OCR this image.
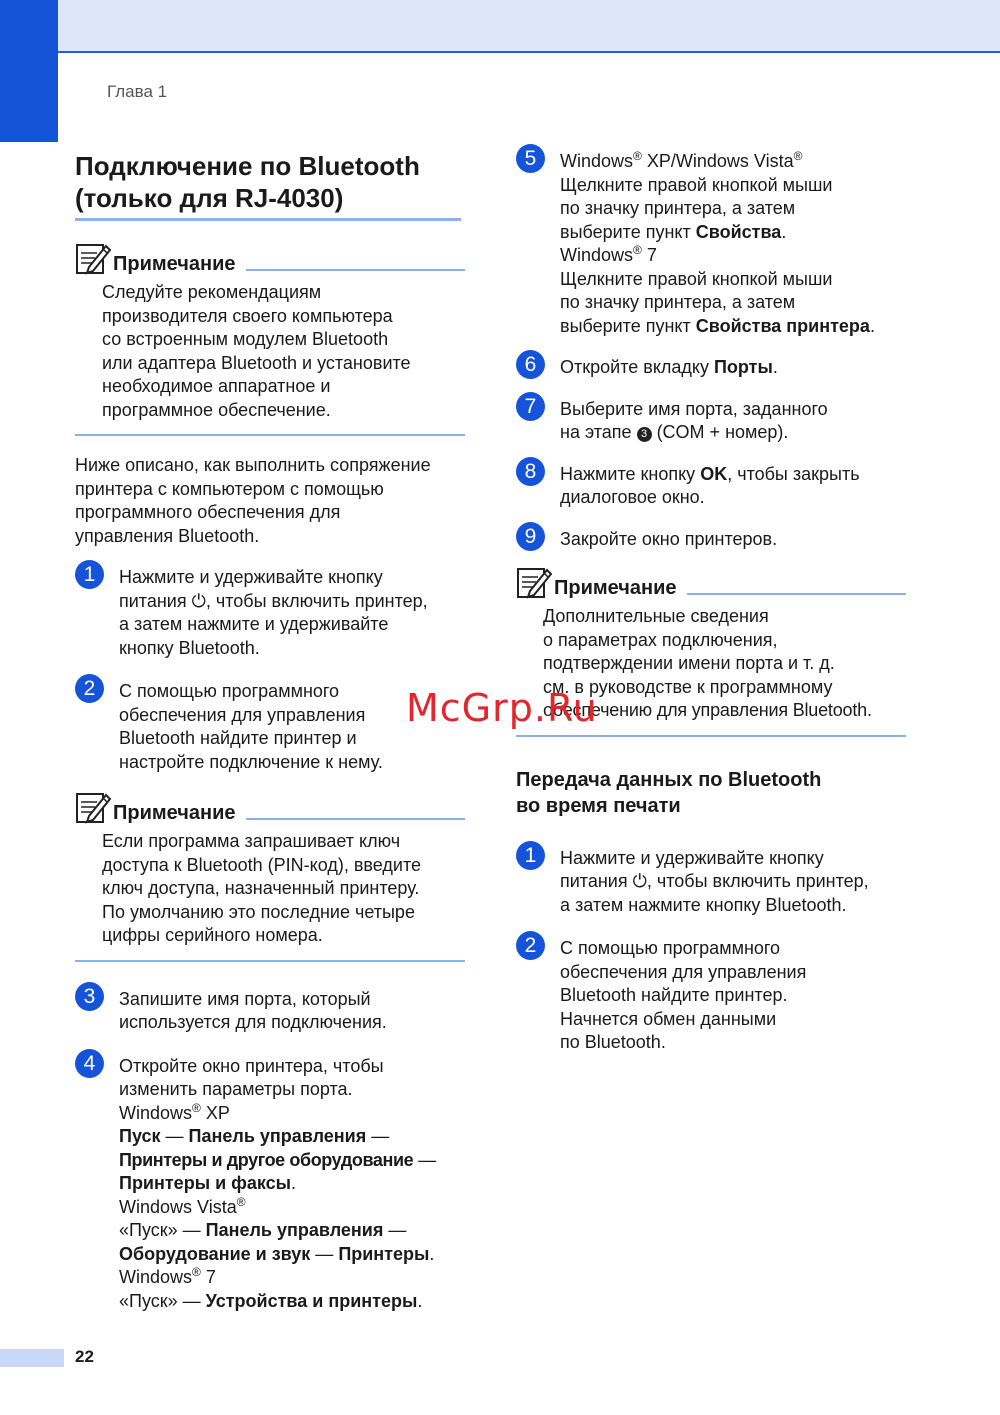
Глава 1
Подключение по Bluetooth
(только для RJ-4030)
Примечание
Следуйте рекомендациям
производителя своего компьютера
со встроенным модулем Bluetooth
или адаптера Bluetooth и установите
необходимое аппаратное и
программное обеспечение.
Ниже описано, как выполнить сопряжение
принтера с компьютером с помощью
программного обеспечения для
управления Bluetooth.
1	Нажмите и удерживайте кнопку
питания ⏻, чтобы включить принтер,
а затем нажмите и удерживайте
кнопку Bluetooth.
2	С помощью программного
обеспечения для управления
Bluetooth найдите принтер и
настройте подключение к нему.
Примечание
Если программа запрашивает ключ
доступа к Bluetooth (PIN-код), введите
ключ доступа, назначенный принтеру.
По умолчанию это последние четыре
цифры серийного номера.
3	Запишите имя порта, который
используется для подключения.
4	Откройте окно принтера, чтобы
изменить параметры порта.
Windows® XP
Пуск — Панель управления —
Принтеры и другое оборудование —
Принтеры и факсы.
Windows Vista®
«Пуск» — Панель управления —
Оборудование и звук — Принтеры.
Windows® 7
«Пуск» — Устройства и принтеры.
5	Windows® XP/Windows Vista®
Щелкните правой кнопкой мыши
по значку принтера, а затем
выберите пункт Свойства.
Windows® 7
Щелкните правой кнопкой мыши
по значку принтера, а затем
выберите пункт Свойства принтера.
6	Откройте вкладку Порты.
7	Выберите имя порта, заданного
на этапе 3 (COM + номер).
8	Нажмите кнопку OK, чтобы закрыть
диалоговое окно.
9	Закройте окно принтеров.
Примечание
Дополнительные сведения
о параметрах подключения,
подтверждении имени порта и т. д.
см. в руководстве к программному
обеспечению для управления Bluetooth.
Передача данных по Bluetooth
во время печати
1	Нажмите и удерживайте кнопку
питания ⏻, чтобы включить принтер,
а затем нажмите кнопку Bluetooth.
2	С помощью программного
обеспечения для управления
Bluetooth найдите принтер.
Начнется обмен данными
по Bluetooth.
McGrp.Ru
22
